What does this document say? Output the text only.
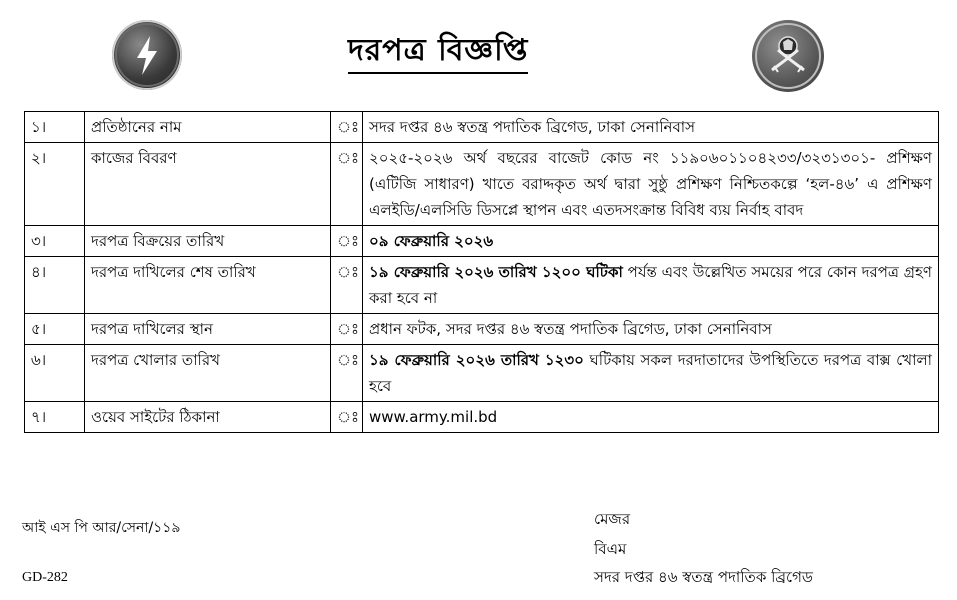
দরপত্র বিজ্ঞপ্তি
১।	প্রতিষ্ঠানের নাম	ঃ	সদর দপ্তর ৪৬ স্বতন্ত্র পদাতিক ব্রিগেড, ঢাকা সেনানিবাস
২।	কাজের বিবরণ	ঃ	২০২৫-২০২৬ অর্থ বছরের বাজেট কোড নং ১১৯০৬০১১০৪২৩৩/৩২৩১৩০১- প্রশিক্ষণ (এটিজি সাধারণ) খাতে বরাদ্দকৃত অর্থ দ্বারা সুষ্ঠু প্রশিক্ষণ নিশ্চিতকল্পে ‘হল-৪৬’ এ প্রশিক্ষণ এলইডি/এলসিডি ডিসপ্লে স্থাপন এবং এতদসংক্রান্ত বিবিধ ব্যয় নির্বাহ বাবদ
৩।	দরপত্র বিক্রয়ের তারিখ	ঃ	০৯ ফেব্রুয়ারি ২০২৬
৪।	দরপত্র দাখিলের শেষ তারিখ	ঃ	১৯ ফেব্রুয়ারি ২০২৬ তারিখ ১২০০ ঘটিকা পর্যন্ত এবং উল্লেখিত সময়ের পরে কোন দরপত্র গ্রহণ করা হবে না
৫।	দরপত্র দাখিলের স্থান	ঃ	প্রধান ফটক, সদর দপ্তর ৪৬ স্বতন্ত্র পদাতিক ব্রিগেড, ঢাকা সেনানিবাস
৬।	দরপত্র খোলার তারিখ	ঃ	১৯ ফেব্রুয়ারি ২০২৬ তারিখ ১২৩০ ঘটিকায় সকল দরদাতাদের উপস্থিতিতে দরপত্র বাক্স খোলা হবে
৭।	ওয়েব সাইটের ঠিকানা	ঃ	www.army.mil.bd
আই এস পি আর/সেনা/১১৯
GD-282
মেজর
বিএম
সদর দপ্তর ৪৬ স্বতন্ত্র পদাতিক ব্রিগেড
